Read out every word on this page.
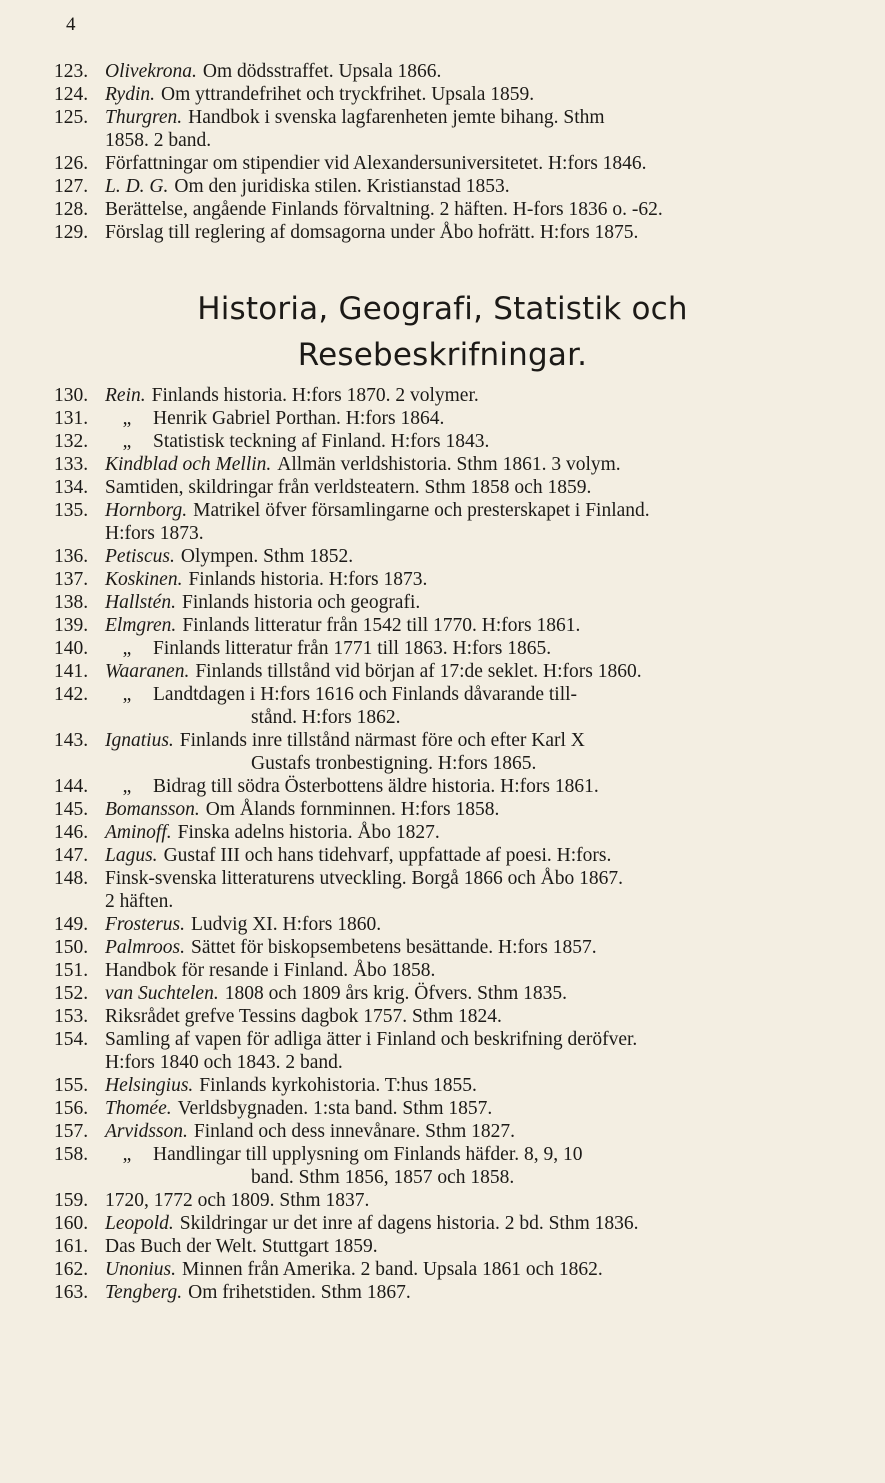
4
123. Olivekrona. Om dödsstraffet. Upsala 1866.
124. Rydin. Om yttrandefrihet och tryckfrihet. Upsala 1859.
125. Thurgren. Handbok i svenska lagfarenheten jemte bihang. Sthm
1858. 2 band.
126. Författningar om stipendier vid Alexandersuniversitetet. H:fors 1846.
127. L. D. G. Om den juridiska stilen. Kristianstad 1853.
128. Berättelse, angående Finlands förvaltning. 2 häften. H-fors 1836 o. -62.
129. Förslag till reglering af domsagorna under Åbo hofrätt. H:fors 1875.
Historia, Geografi, Statistik och
Resebeskrifningar.
130. Rein. Finlands historia. H:fors 1870. 2 volymer.
131. „ Henrik Gabriel Porthan. H:fors 1864.
132. „ Statistisk teckning af Finland. H:fors 1843.
133. Kindblad och Mellin. Allmän verldshistoria. Sthm 1861. 3 volym.
134. Samtiden, skildringar från verldsteatern. Sthm 1858 och 1859.
135. Hornborg. Matrikel öfver församlingarne och presterskapet i Finland.
H:fors 1873.
136. Petiscus. Olympen. Sthm 1852.
137. Koskinen. Finlands historia. H:fors 1873.
138. Hallstén. Finlands historia och geografi.
139. Elmgren. Finlands litteratur från 1542 till 1770. H:fors 1861.
140. „ Finlands litteratur från 1771 till 1863. H:fors 1865.
141. Waaranen. Finlands tillstånd vid början af 17:de seklet. H:fors 1860.
142. „ Landtdagen i H:fors 1616 och Finlands dåvarande till-
stånd. H:fors 1862.
143. Ignatius. Finlands inre tillstånd närmast före och efter Karl X
Gustafs tronbestigning. H:fors 1865.
144. „ Bidrag till södra Österbottens äldre historia. H:fors 1861.
145. Bomansson. Om Ålands fornminnen. H:fors 1858.
146. Aminoff. Finska adelns historia. Åbo 1827.
147. Lagus. Gustaf III och hans tidehvarf, uppfattade af poesi. H:fors.
148. Finsk-svenska litteraturens utveckling. Borgå 1866 och Åbo 1867.
2 häften.
149. Frosterus. Ludvig XI. H:fors 1860.
150. Palmroos. Sättet för biskopsembetens besättande. H:fors 1857.
151. Handbok för resande i Finland. Åbo 1858.
152. van Suchtelen. 1808 och 1809 års krig. Öfvers. Sthm 1835.
153. Riksrådet grefve Tessins dagbok 1757. Sthm 1824.
154. Samling af vapen för adliga ätter i Finland och beskrifning deröfver.
H:fors 1840 och 1843. 2 band.
155. Helsingius. Finlands kyrkohistoria. T:hus 1855.
156. Thomée. Verldsbygnaden. 1:sta band. Sthm 1857.
157. Arvidsson. Finland och dess innevånare. Sthm 1827.
158. „ Handlingar till upplysning om Finlands häfder. 8, 9, 10
band. Sthm 1856, 1857 och 1858.
159. 1720, 1772 och 1809. Sthm 1837.
160. Leopold. Skildringar ur det inre af dagens historia. 2 bd. Sthm 1836.
161. Das Buch der Welt. Stuttgart 1859.
162. Unonius. Minnen från Amerika. 2 band. Upsala 1861 och 1862.
163. Tengberg. Om frihetstiden. Sthm 1867.
